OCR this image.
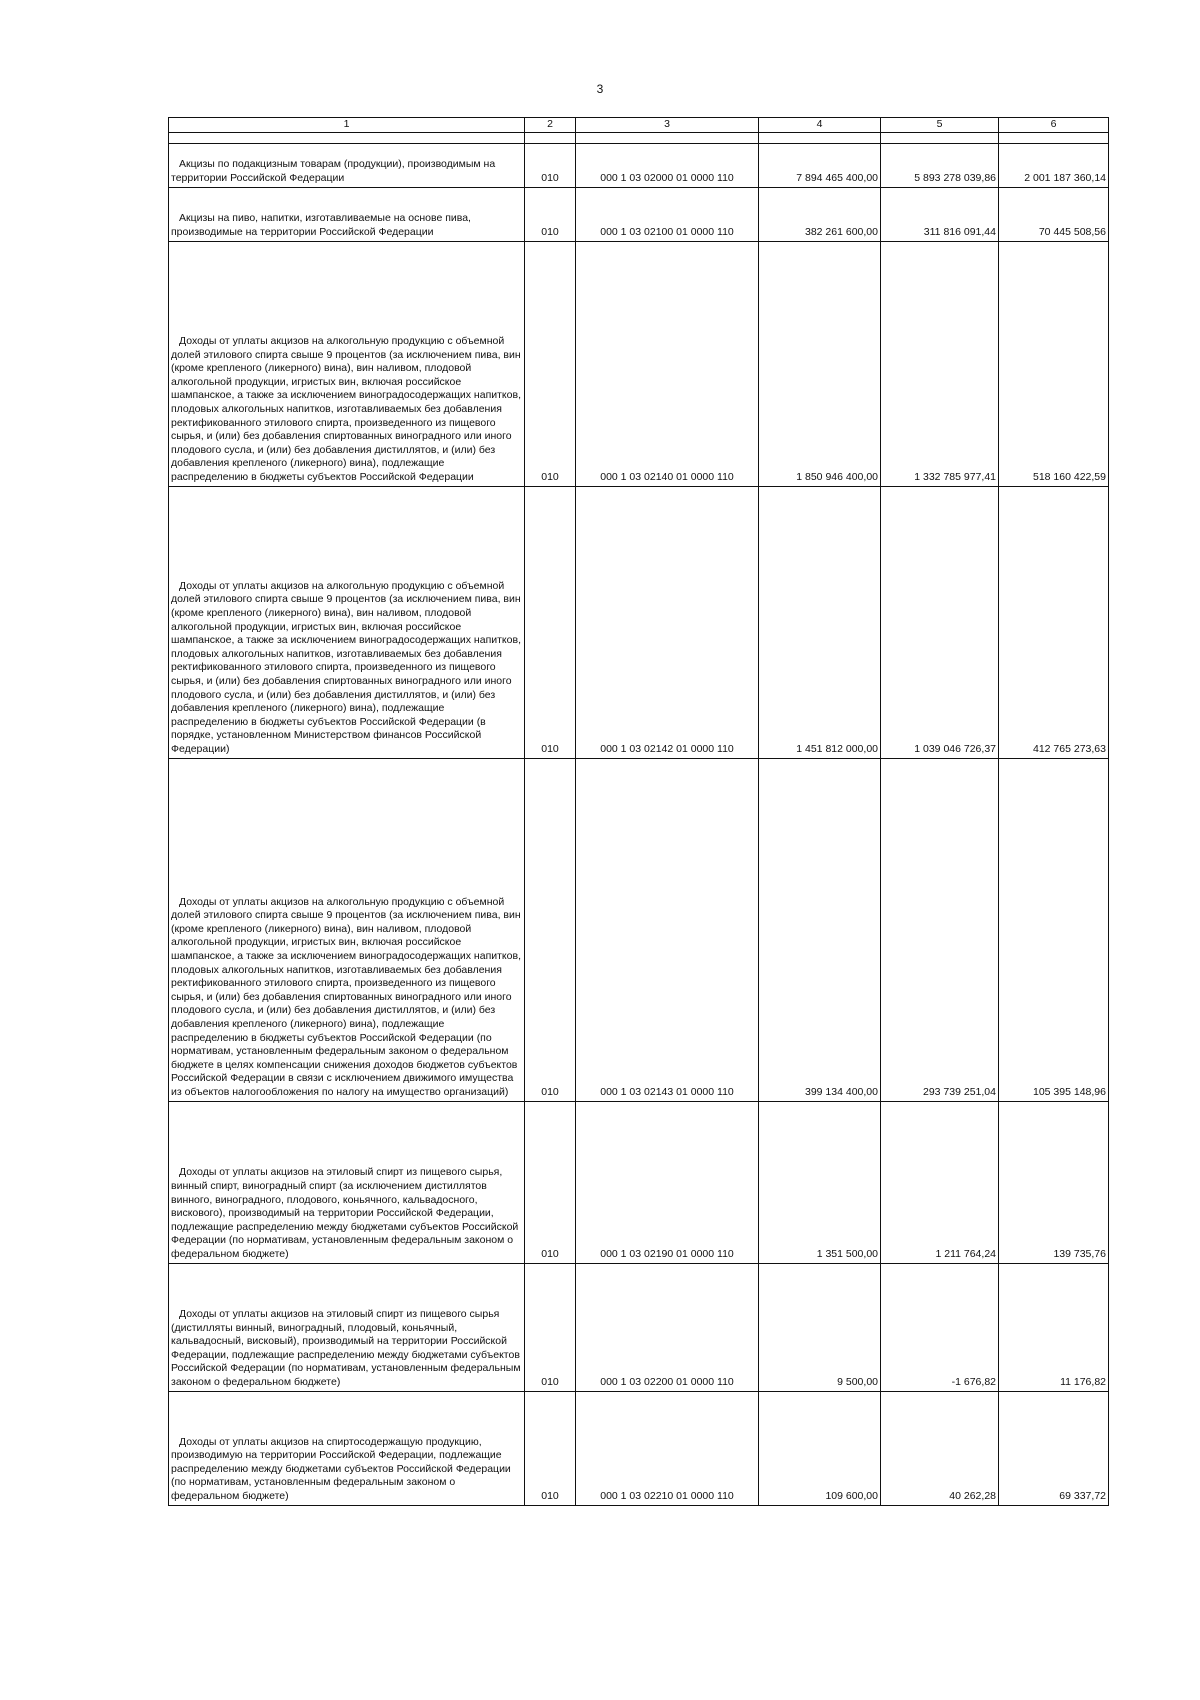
3
1	2	3	4	5	6

Акцизы по подакцизным товарам (продукции), производимым на территории Российской Федерации	010	000 1 03 02000 01 0000 110	7 894 465 400,00	5 893 278 039,86	2 001 187 360,14

Акцизы на пиво, напитки, изготавливаемые на основе пива, производимые на территории Российской Федерации	010	000 1 03 02100 01 0000 110	382 261 600,00	311 816 091,44	70 445 508,56

Доходы от уплаты акцизов на алкогольную продукцию с объемной долей этилового спирта свыше 9 процентов (за исключением пива, вин (кроме крепленого (ликерного) вина), вин наливом, плодовой алкогольной продукции, игристых вин, включая российское шампанское, а также за исключением виноградосодержащих напитков, плодовых алкогольных напитков, изготавливаемых без добавления ректификованного этилового спирта, произведенного из пищевого сырья, и (или) без добавления спиртованных виноградного или иного плодового сусла, и (или) без добавления дистиллятов, и (или) без добавления крепленого (ликерного) вина), подлежащие распределению в бюджеты субъектов Российской Федерации	010	000 1 03 02140 01 0000 110	1 850 946 400,00	1 332 785 977,41	518 160 422,59

Доходы от уплаты акцизов на алкогольную продукцию с объемной долей этилового спирта свыше 9 процентов (за исключением пива, вин (кроме крепленого (ликерного) вина), вин наливом, плодовой алкогольной продукции, игристых вин, включая российское шампанское, а также за исключением виноградосодержащих напитков, плодовых алкогольных напитков, изготавливаемых без добавления ректификованного этилового спирта, произведенного из пищевого сырья, и (или) без добавления спиртованных виноградного или иного плодового сусла, и (или) без добавления дистиллятов, и (или) без добавления крепленого (ликерного) вина), подлежащие распределению в бюджеты субъектов Российской Федерации (в порядке, установленном Министерством финансов Российской Федерации)	010	000 1 03 02142 01 0000 110	1 451 812 000,00	1 039 046 726,37	412 765 273,63

Доходы от уплаты акцизов на алкогольную продукцию с объемной долей этилового спирта свыше 9 процентов (за исключением пива, вин (кроме крепленого (ликерного) вина), вин наливом, плодовой алкогольной продукции, игристых вин, включая российское шампанское, а также за исключением виноградосодержащих напитков, плодовых алкогольных напитков, изготавливаемых без добавления ректификованного этилового спирта, произведенного из пищевого сырья, и (или) без добавления спиртованных виноградного или иного плодового сусла, и (или) без добавления дистиллятов, и (или) без добавления крепленого (ликерного) вина), подлежащие распределению в бюджеты субъектов Российской Федерации (по нормативам, установленным федеральным законом о федеральном бюджете в целях компенсации снижения доходов бюджетов субъектов Российской Федерации в связи с исключением движимого имущества из объектов налогообложения по налогу на имущество организаций)	010	000 1 03 02143 01 0000 110	399 134 400,00	293 739 251,04	105 395 148,96

Доходы от уплаты акцизов на этиловый спирт из пищевого сырья, винный спирт, виноградный спирт (за исключением дистиллятов винного, виноградного, плодового, коньячного, кальвадосного, вискового), производимый на территории Российской Федерации, подлежащие распределению между бюджетами субъектов Российской Федерации (по нормативам, установленным федеральным законом о федеральном бюджете)	010	000 1 03 02190 01 0000 110	1 351 500,00	1 211 764,24	139 735,76

Доходы от уплаты акцизов на этиловый спирт из пищевого сырья (дистилляты винный, виноградный, плодовый, коньячный, кальвадосный, висковый), производимый на территории Российской Федерации, подлежащие распределению между бюджетами субъектов Российской Федерации (по нормативам, установленным федеральным законом о федеральном бюджете)	010	000 1 03 02200 01 0000 110	9 500,00	-1 676,82	11 176,82

Доходы от уплаты акцизов на спиртосодержащую продукцию, производимую на территории Российской Федерации, подлежащие распределению между бюджетами субъектов Российской Федерации (по нормативам, установленным федеральным законом о федеральном бюджете)	010	000 1 03 02210 01 0000 110	109 600,00	40 262,28	69 337,72
